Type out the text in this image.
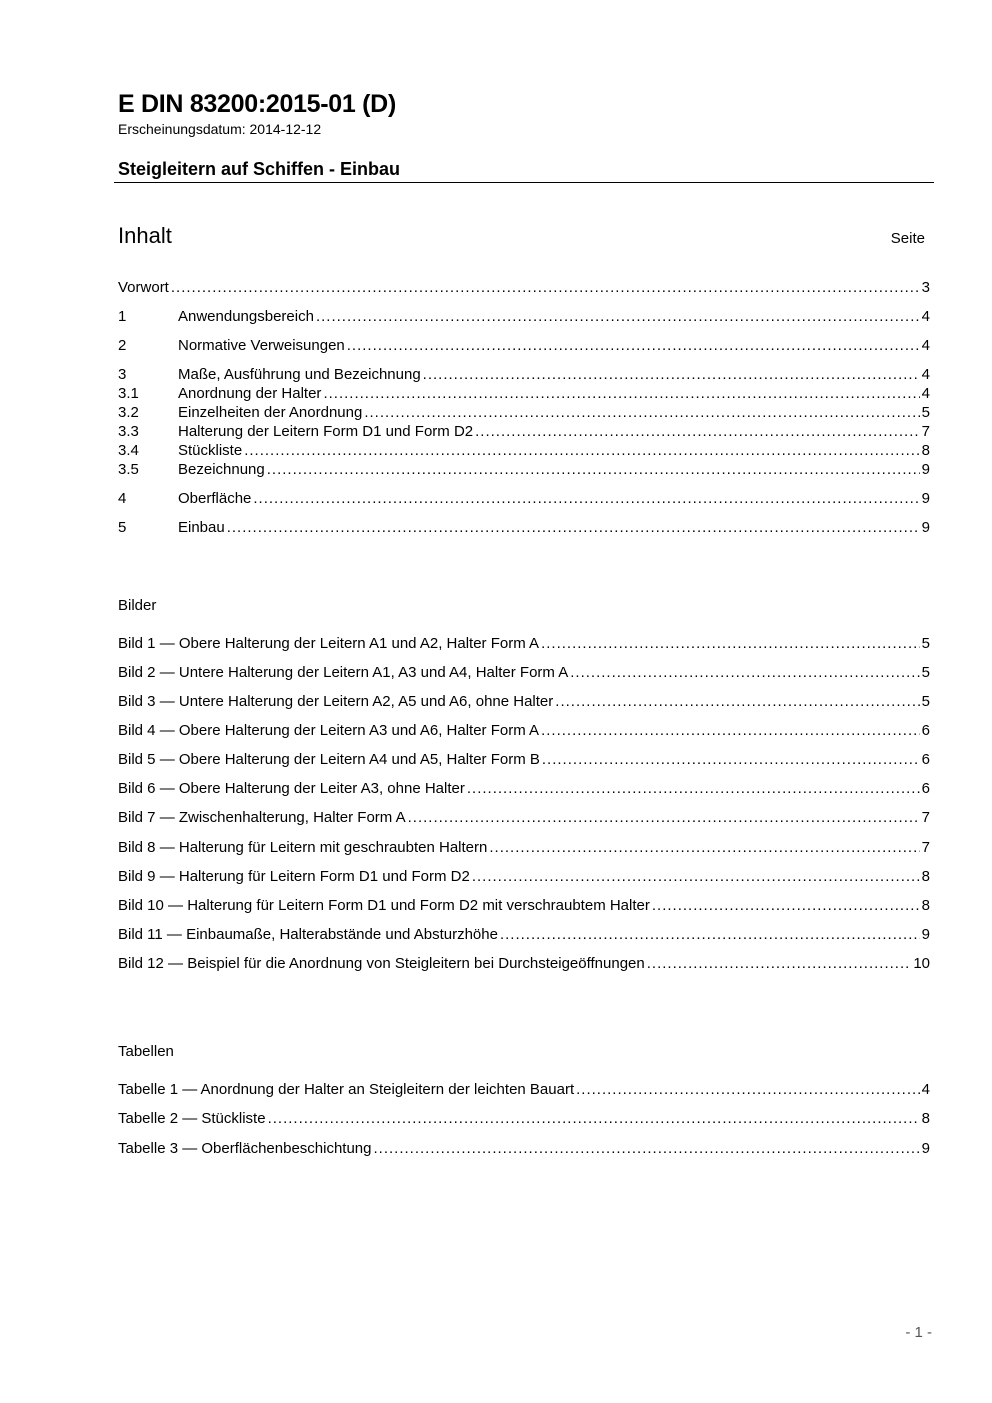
E DIN 83200:2015-01 (D)
Erscheinungsdatum: 2014-12-12
Steigleitern auf Schiffen - Einbau
Inhalt	Seite
Vorwort .....	3
1	Anwendungsbereich .....	4
2	Normative Verweisungen .....	4
3	Maße, Ausführung und Bezeichnung .....	4
3.1	Anordnung der Halter .....	4
3.2	Einzelheiten der Anordnung .....	5
3.3	Halterung der Leitern Form D1 und Form D2 .....	7
3.4	Stückliste .....	8
3.5	Bezeichnung .....	9
4	Oberfläche .....	9
5	Einbau .....	9
Bilder
Bild 1 — Obere Halterung der Leitern A1 und A2, Halter Form A .....	5
Bild 2 — Untere Halterung der Leitern A1, A3 und A4, Halter Form A .....	5
Bild 3 — Untere Halterung der Leitern A2, A5 und A6, ohne Halter .....	5
Bild 4 — Obere Halterung der Leitern A3 und A6, Halter Form A .....	6
Bild 5 — Obere Halterung der Leitern A4 und A5, Halter Form B .....	6
Bild 6 — Obere Halterung der Leiter A3, ohne Halter .....	6
Bild 7 — Zwischenhalterung, Halter Form A .....	7
Bild 8 — Halterung für Leitern mit geschraubten Haltern .....	7
Bild 9 — Halterung für Leitern Form D1 und Form D2 .....	8
Bild 10 — Halterung für Leitern Form D1 und Form D2 mit verschraubtem Halter .....	8
Bild 11 — Einbaumaße, Halterabstände und Absturzhöhe .....	9
Bild 12 — Beispiel für die Anordnung von Steigleitern bei Durchsteigeöffnungen .....	10
Tabellen
Tabelle 1 — Anordnung der Halter an Steigleitern der leichten Bauart .....	4
Tabelle 2 — Stückliste .....	8
Tabelle 3 — Oberflächenbeschichtung .....	9
- 1 -
